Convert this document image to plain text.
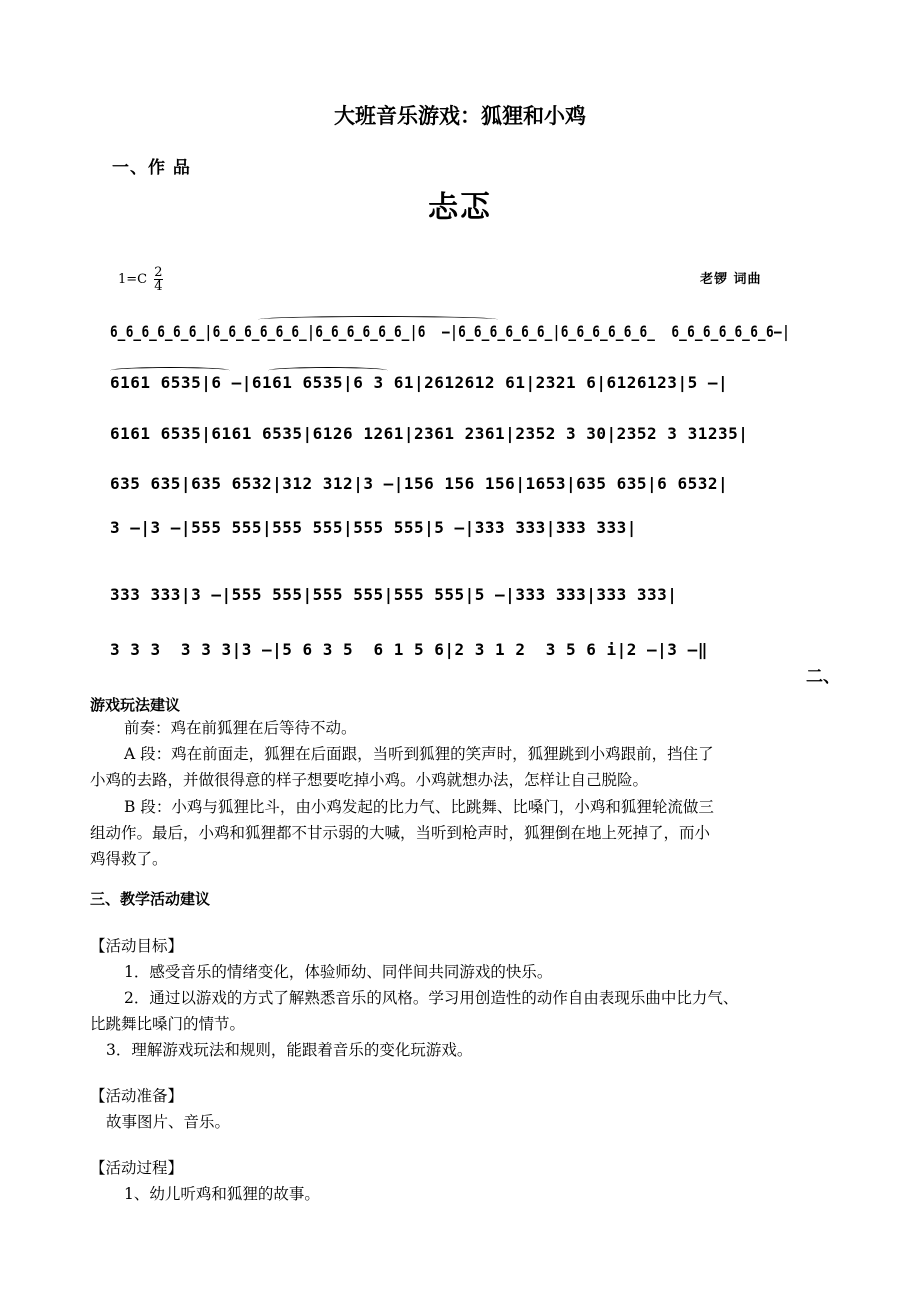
大班音乐游戏：狐狸和小鸡
一、作 品
忐忑
$1=C \frac{2}{4}$	老锣 词曲
6̲6̲6̲6̲6̲6̲|6̲6̲6̲6̲6̲6̲|6̲6̲6̲6̲6̲6̲|6  –|6̲6̲6̲6̲6̲6̲|6̲6̲6̲6̲6̲6̲  6̲6̲6̲6̲6̲6̲6–|
6161 6535|6 –|6161 6535|6 3 61|2612612 61|2321 6|6126123|5 –|
6161 6535|6161 6535|6126 1261|2361 2361|2352 3 30|2352 3 31235|
635 635|635 6532|312 312|3 –|156 156 156|1653|635 635|6 6532|
3 –|3 –|555 555|555 555|555 555|5 –|333 333|333 333|
333 333|3 –|555 555|555 555|555 555|5 –|333 333|333 333|
3 3 3  3 3 3|3 –|5 6 3 5  6 1 5 6|2 3 1 2  3 5 6 i|2 –|3 –‖
二、
游戏玩法建议
前奏：鸡在前狐狸在后等待不动。
A 段：鸡在前面走，狐狸在后面跟，当听到狐狸的笑声时，狐狸跳到小鸡跟前，挡住了
小鸡的去路，并做很得意的样子想要吃掉小鸡。小鸡就想办法，怎样让自己脱险。
B 段：小鸡与狐狸比斗，由小鸡发起的比力气、比跳舞、比嗓门，小鸡和狐狸轮流做三
组动作。最后，小鸡和狐狸都不甘示弱的大喊，当听到枪声时，狐狸倒在地上死掉了，而小
鸡得救了。
三、教学活动建议
【活动目标】
1．感受音乐的情绪变化，体验师幼、同伴间共同游戏的快乐。
2．通过以游戏的方式了解熟悉音乐的风格。学习用创造性的动作自由表现乐曲中比力气、
比跳舞比嗓门的情节。
3．理解游戏玩法和规则，能跟着音乐的变化玩游戏。
【活动准备】
故事图片、音乐。
【活动过程】
1、幼儿听鸡和狐狸的故事。
